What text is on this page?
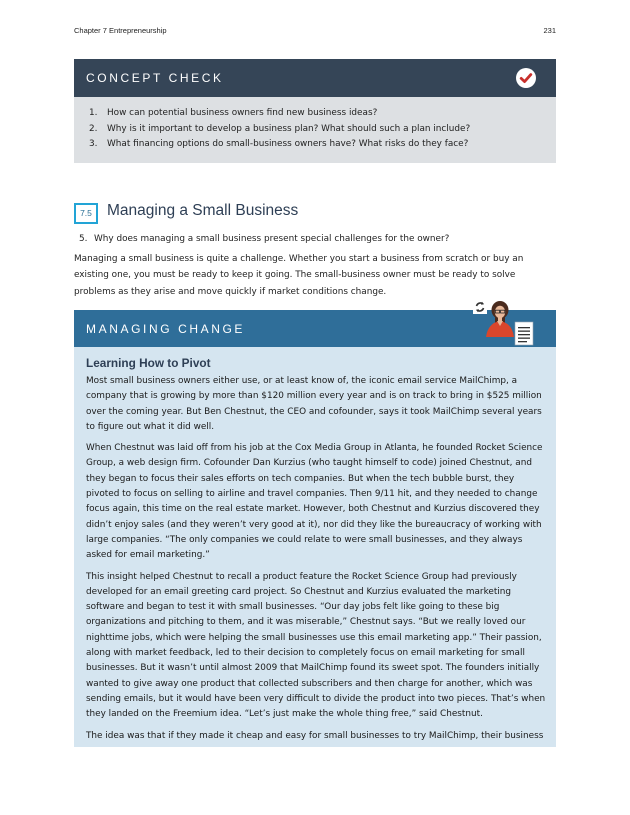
Chapter 7 Entrepreneurship	231
CONCEPT CHECK
1. How can potential business owners find new business ideas?
2. Why is it important to develop a business plan? What should such a plan include?
3. What financing options do small-business owners have? What risks do they face?
7.5 Managing a Small Business
5. Why does managing a small business present special challenges for the owner?

Managing a small business is quite a challenge. Whether you start a business from scratch or buy an existing one, you must be ready to keep it going. The small-business owner must be ready to solve problems as they arise and move quickly if market conditions change.

MANAGING CHANGE
Learning How to Pivot

Most small business owners either use, or at least know of, the iconic email service MailChimp, a company that is growing by more than $120 million every year and is on track to bring in $525 million over the coming year. But Ben Chestnut, the CEO and cofounder, says it took MailChimp several years to figure out what it did well.

When Chestnut was laid off from his job at the Cox Media Group in Atlanta, he founded Rocket Science Group, a web design firm. Cofounder Dan Kurzius (who taught himself to code) joined Chestnut, and they began to focus their sales efforts on tech companies. But when the tech bubble burst, they pivoted to focus on selling to airline and travel companies. Then 9/11 hit, and they needed to change focus again, this time on the real estate market. However, both Chestnut and Kurzius discovered they didn’t enjoy sales (and they weren’t very good at it), nor did they like the bureaucracy of working with large companies. “The only companies we could relate to were small businesses, and they always asked for email marketing.”

This insight helped Chestnut to recall a product feature the Rocket Science Group had previously developed for an email greeting card project. So Chestnut and Kurzius evaluated the marketing software and began to test it with small businesses. “Our day jobs felt like going to these big organizations and pitching to them, and it was miserable,” Chestnut says. “But we really loved our nighttime jobs, which were helping the small businesses use this email marketing app.” Their passion, along with market feedback, led to their decision to completely focus on email marketing for small businesses. But it wasn’t until almost 2009 that MailChimp found its sweet spot. The founders initially wanted to give away one product that collected subscribers and then charge for another, which was sending emails, but it would have been very difficult to divide the product into two pieces. That’s when they landed on the Freemium idea. “Let’s just make the whole thing free,” said Chestnut.

The idea was that if they made it cheap and easy for small businesses to try MailChimp, their business
